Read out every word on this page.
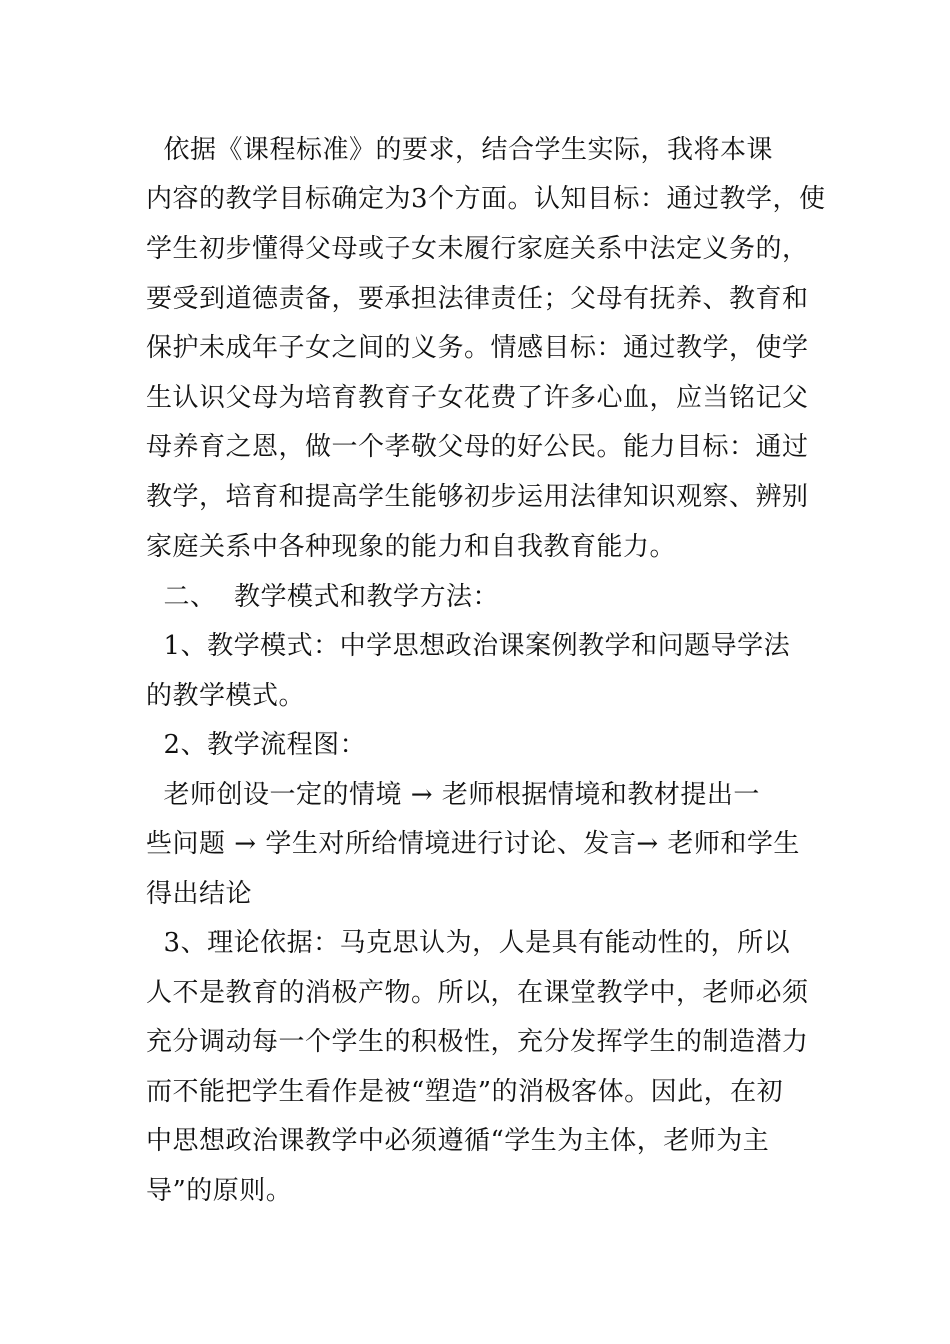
依据《课程标准》的要求，结合学生实际，我将本课
内容的教学目标确定为3个方面。认知目标：通过教学，使
学生初步懂得父母或子女未履行家庭关系中法定义务的，
要受到道德责备，要承担法律责任；父母有抚养、教育和
保护未成年子女之间的义务。情感目标：通过教学，使学
生认识父母为培育教育子女花费了许多心血，应当铭记父
母养育之恩，做一个孝敬父母的好公民。能力目标：通过
教学，培育和提高学生能够初步运用法律知识观察、辨别
家庭关系中各种现象的能力和自我教育能力。
二、  教学模式和教学方法：
1、教学模式：中学思想政治课案例教学和问题导学法
的教学模式。
2、教学流程图：
老师创设一定的情境 → 老师根据情境和教材提出一
些问题 → 学生对所给情境进行讨论、发言→ 老师和学生
得出结论
3、理论依据：马克思认为，人是具有能动性的，所以
人不是教育的消极产物。所以，在课堂教学中，老师必须
充分调动每一个学生的积极性，充分发挥学生的制造潜力
而不能把学生看作是被“塑造”的消极客体。因此，在初
中思想政治课教学中必须遵循“学生为主体，老师为主
导”的原则。
